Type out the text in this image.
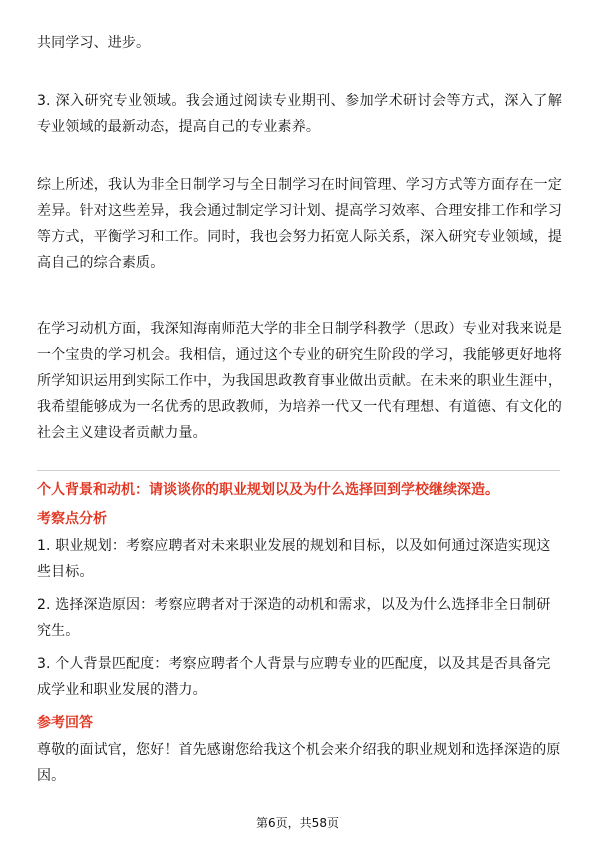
共同学习、进步。

3. 深入研究专业领域。我会通过阅读专业期刊、参加学术研讨会等方式，深入了解专业领域的最新动态，提高自己的专业素养。

综上所述，我认为非全日制学习与全日制学习在时间管理、学习方式等方面存在一定差异。针对这些差异，我会通过制定学习计划、提高学习效率、合理安排工作和学习等方式，平衡学习和工作。同时，我也会努力拓宽人际关系，深入研究专业领域，提高自己的综合素质。

在学习动机方面，我深知海南师范大学的非全日制学科教学（思政）专业对我来说是一个宝贵的学习机会。我相信，通过这个专业的研究生阶段的学习，我能够更好地将所学知识运用到实际工作中，为我国思政教育事业做出贡献。在未来的职业生涯中，我希望能够成为一名优秀的思政教师，为培养一代又一代有理想、有道德、有文化的社会主义建设者贡献力量。

个人背景和动机：请谈谈你的职业规划以及为什么选择回到学校继续深造。

考察点分析

1. 职业规划：考察应聘者对未来职业发展的规划和目标，以及如何通过深造实现这些目标。

2. 选择深造原因：考察应聘者对于深造的动机和需求，以及为什么选择非全日制研究生。

3. 个人背景匹配度：考察应聘者个人背景与应聘专业的匹配度，以及其是否具备完成学业和职业发展的潜力。

参考回答

尊敬的面试官，您好！首先感谢您给我这个机会来介绍我的职业规划和选择深造的原因。

第6页，共58页
